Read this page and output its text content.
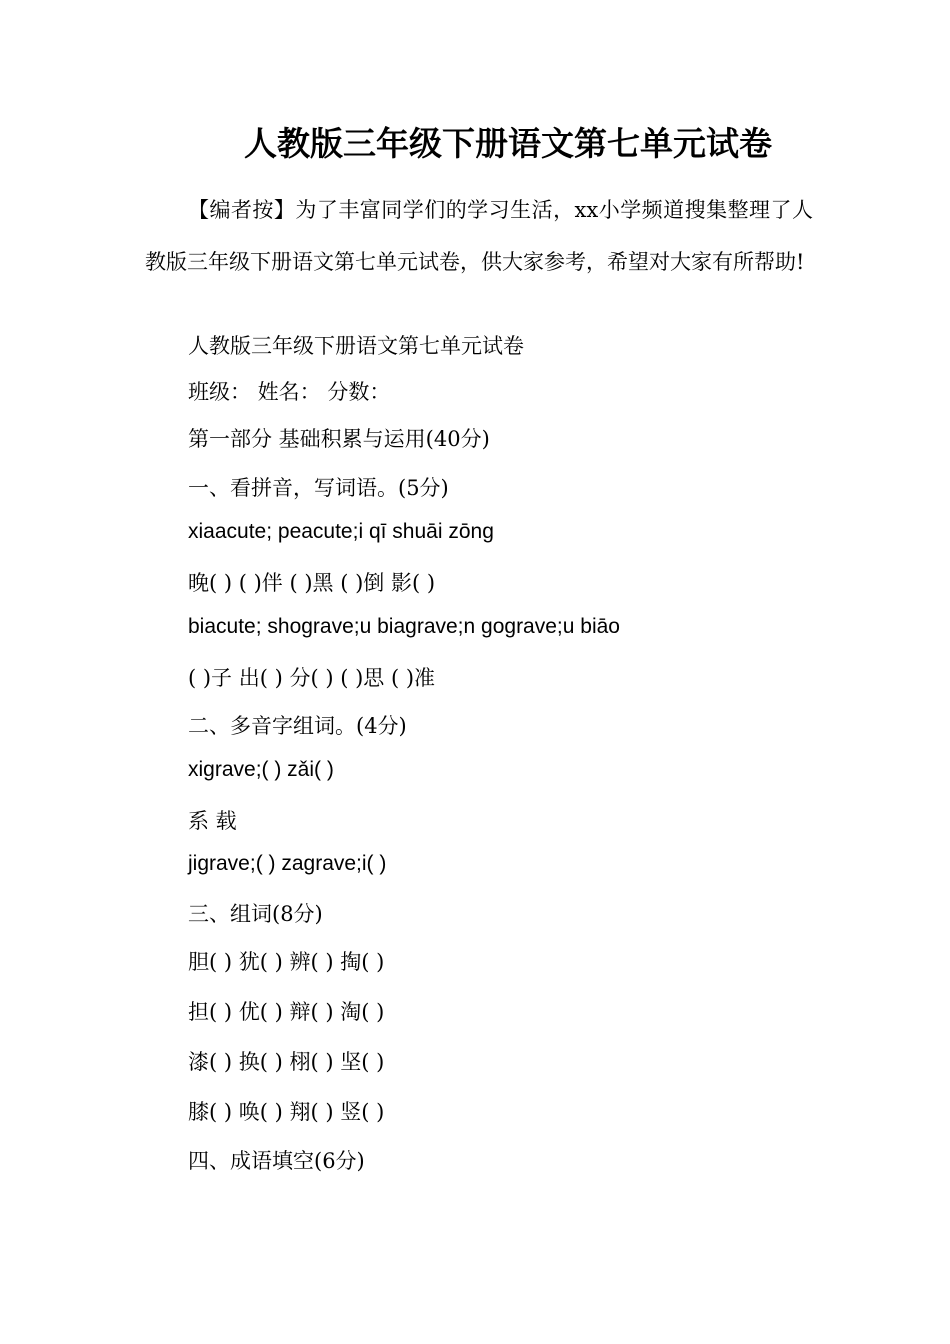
人教版三年级下册语文第七单元试卷
【编者按】为了丰富同学们的学习生活，xx小学频道搜集整理了人教版三年级下册语文第七单元试卷，供大家参考，希望对大家有所帮助!
人教版三年级下册语文第七单元试卷
班级： 姓名： 分数：
第一部分 基础积累与运用(40分)
一、看拼音，写词语。(5分)
xiaacute; peacute;i qī shuāi zōng
晚( ) ( )伴 ( )黑 ( )倒 影( )
biacute; shograve;u biagrave;n gograve;u biāo
( )子 出( ) 分( ) ( )思 ( )准
二、多音字组词。(4分)
xigrave;( ) zǎi( )
系 载
jigrave;( ) zagrave;i( )
三、组词(8分)
胆( ) 犹( ) 辨( ) 掏( )
担( ) 优( ) 辩( ) 淘( )
漆( ) 换( ) 栩( ) 坚( )
膝( ) 唤( ) 翔( ) 竖( )
四、成语填空(6分)
